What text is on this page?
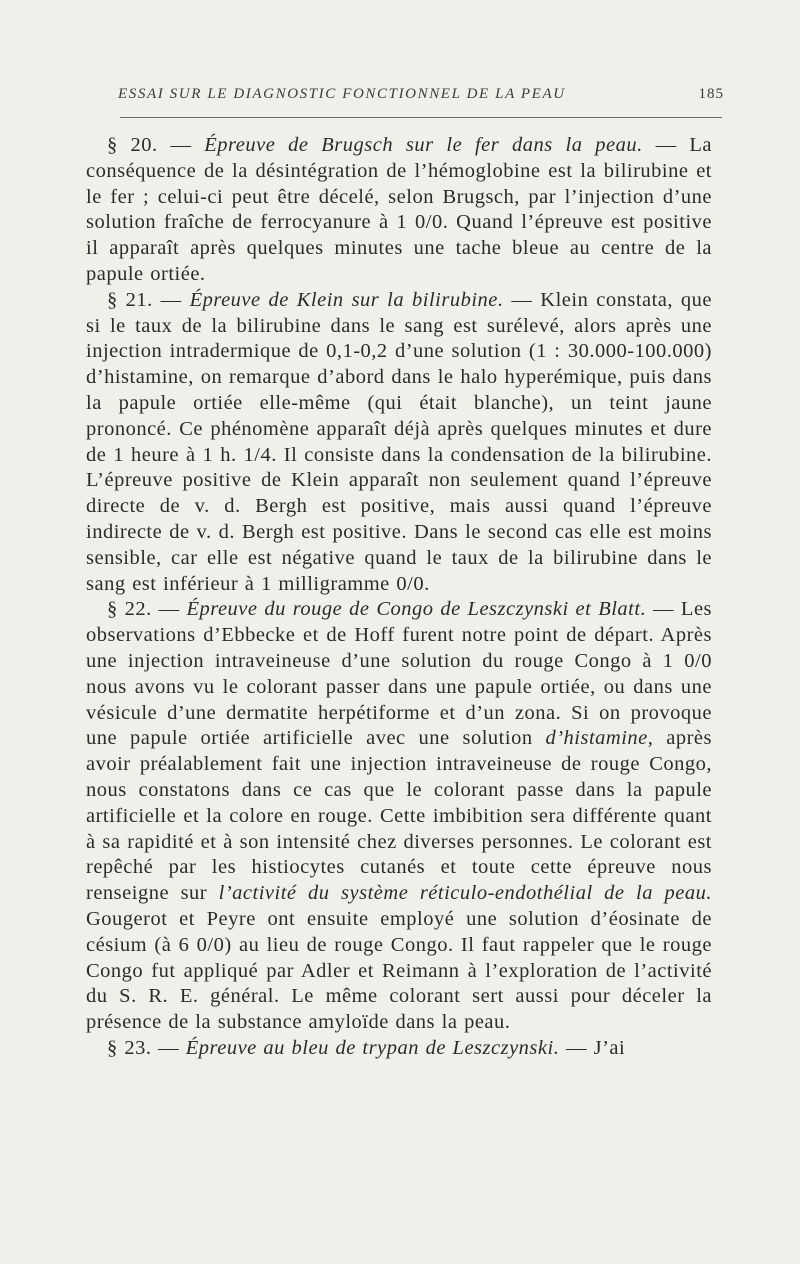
ESSAI SUR LE DIAGNOSTIC FONCTIONNEL DE LA PEAU	185

§ 20. — Épreuve de Brugsch sur le fer dans la peau. — La conséquence de la désintégration de l’hémoglobine est la bilirubine et le fer ; celui-ci peut être décelé, selon Brugsch, par l’injection d’une solution fraîche de ferrocyanure à 1 0/0. Quand l’épreuve est positive il apparaît après quelques minutes une tache bleue au centre de la papule ortiée.

§ 21. — Épreuve de Klein sur la bilirubine. — Klein constata, que si le taux de la bilirubine dans le sang est surélevé, alors après une injection intradermique de 0,1-0,2 d’une solution (1 : 30.000-100.000) d’histamine, on remarque d’abord dans le halo hyperémique, puis dans la papule ortiée elle-même (qui était blanche), un teint jaune prononcé. Ce phénomène apparaît déjà après quelques minutes et dure de 1 heure à 1 h. 1/4. Il consiste dans la condensation de la bilirubine. L’épreuve positive de Klein apparaît non seulement quand l’épreuve directe de v. d. Bergh est positive, mais aussi quand l’épreuve indirecte de v. d. Bergh est positive. Dans le second cas elle est moins sensible, car elle est négative quand le taux de la bilirubine dans le sang est inférieur à 1 milligramme 0/0.

§ 22. — Épreuve du rouge de Congo de Leszczynski et Blatt. — Les observations d’Ebbecke et de Hoff furent notre point de départ. Après une injection intraveineuse d’une solution du rouge Congo à 1 0/0 nous avons vu le colorant passer dans une papule ortiée, ou dans une vésicule d’une dermatite herpétiforme et d’un zona. Si on provoque une papule ortiée artificielle avec une solution d’histamine, après avoir préalablement fait une injection intraveineuse de rouge Congo, nous constatons dans ce cas que le colorant passe dans la papule artificielle et la colore en rouge. Cette imbibition sera différente quant à sa rapidité et à son intensité chez diverses personnes. Le colorant est repêché par les histiocytes cutanés et toute cette épreuve nous renseigne sur l’activité du système réticulo-endothélial de la peau. Gougerot et Peyre ont ensuite employé une solution d’éosinate de césium (à 6 0/0) au lieu de rouge Congo. Il faut rappeler que le rouge Congo fut appliqué par Adler et Reimann à l’exploration de l’activité du S. R. E. général. Le même colorant sert aussi pour déceler la présence de la substance amyloïde dans la peau.

§ 23. — Épreuve au bleu de trypan de Leszczynski. — J’ai
